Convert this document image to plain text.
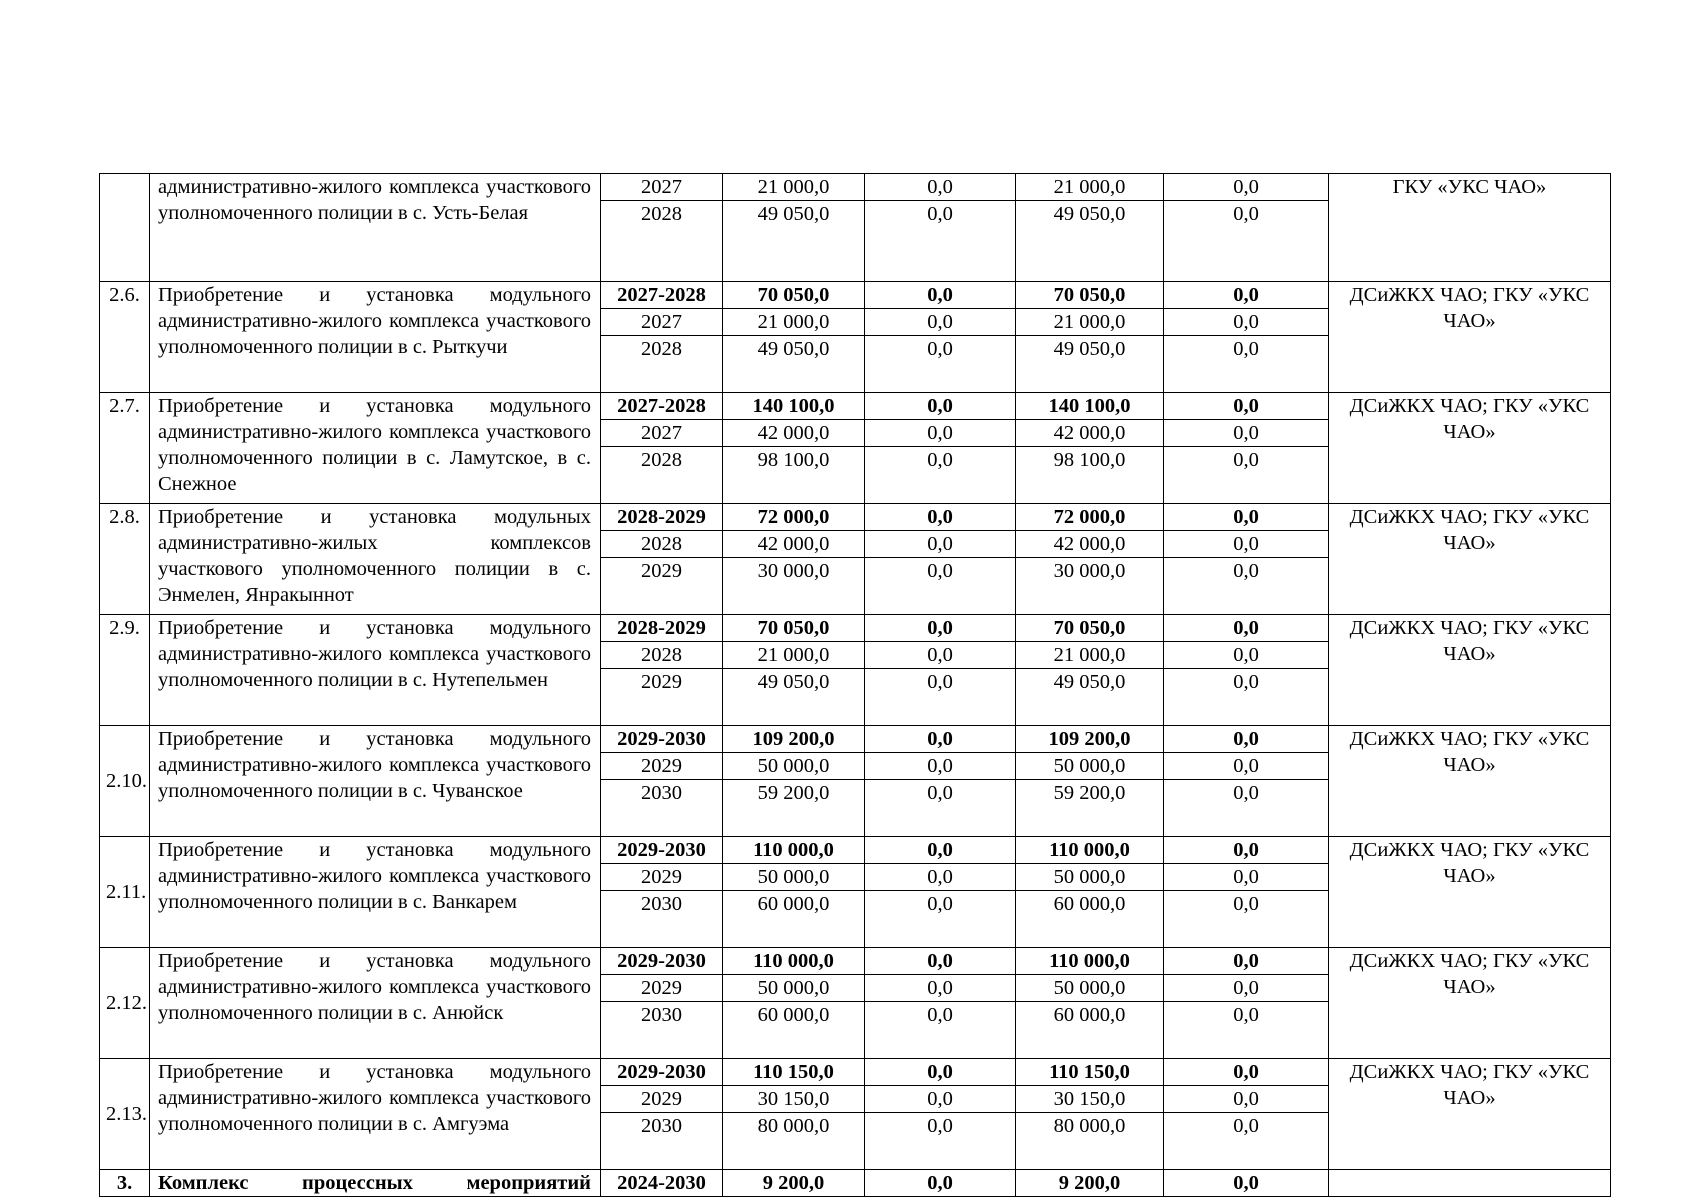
	административно-жилого комплекса участкового уполномоченного полиции в с. Усть-Белая	2027	21 000,0	0,0	21 000,0	0,0	ГКУ «УКС ЧАО»
		2028	49 050,0	0,0	49 050,0	0,0	
2.6.	Приобретение и установка модульного административно-жилого комплекса участкового уполномоченного полиции в с. Рыткучи	2027-2028	70 050,0	0,0	70 050,0	0,0	ДСиЖКХ ЧАО; ГКУ «УКС ЧАО»
		2027	21 000,0	0,0	21 000,0	0,0	
		2028	49 050,0	0,0	49 050,0	0,0	
2.7.	Приобретение и установка модульного административно-жилого комплекса участкового уполномоченного полиции в с. Ламутское, в с. Снежное	2027-2028	140 100,0	0,0	140 100,0	0,0	ДСиЖКХ ЧАО; ГКУ «УКС ЧАО»
		2027	42 000,0	0,0	42 000,0	0,0	
		2028	98 100,0	0,0	98 100,0	0,0	
2.8.	Приобретение и установка модульных административно-жилых комплексов участкового уполномоченного полиции в с. Энмелен, Янракыннот	2028-2029	72 000,0	0,0	72 000,0	0,0	ДСиЖКХ ЧАО; ГКУ «УКС ЧАО»
		2028	42 000,0	0,0	42 000,0	0,0	
		2029	30 000,0	0,0	30 000,0	0,0	
2.9.	Приобретение и установка модульного административно-жилого комплекса участкового уполномоченного полиции в с. Нутепельмен	2028-2029	70 050,0	0,0	70 050,0	0,0	ДСиЖКХ ЧАО; ГКУ «УКС ЧАО»
		2028	21 000,0	0,0	21 000,0	0,0	
		2029	49 050,0	0,0	49 050,0	0,0	
2.10.	Приобретение и установка модульного административно-жилого комплекса участкового уполномоченного полиции в с. Чуванское	2029-2030	109 200,0	0,0	109 200,0	0,0	ДСиЖКХ ЧАО; ГКУ «УКС ЧАО»
		2029	50 000,0	0,0	50 000,0	0,0	
		2030	59 200,0	0,0	59 200,0	0,0	
2.11.	Приобретение и установка модульного административно-жилого комплекса участкового уполномоченного полиции в с. Ванкарем	2029-2030	110 000,0	0,0	110 000,0	0,0	ДСиЖКХ ЧАО; ГКУ «УКС ЧАО»
		2029	50 000,0	0,0	50 000,0	0,0	
		2030	60 000,0	0,0	60 000,0	0,0	
2.12.	Приобретение и установка модульного административно-жилого комплекса участкового уполномоченного полиции в с. Анюйск	2029-2030	110 000,0	0,0	110 000,0	0,0	ДСиЖКХ ЧАО; ГКУ «УКС ЧАО»
		2029	50 000,0	0,0	50 000,0	0,0	
		2030	60 000,0	0,0	60 000,0	0,0	
2.13.	Приобретение и установка модульного административно-жилого комплекса участкового уполномоченного полиции в с. Амгуэма	2029-2030	110 150,0	0,0	110 150,0	0,0	ДСиЖКХ ЧАО; ГКУ «УКС ЧАО»
		2029	30 150,0	0,0	30 150,0	0,0	
		2030	80 000,0	0,0	80 000,0	0,0	
3.	Комплекс процессных мероприятий	2024-2030	9 200,0	0,0	9 200,0	0,0	
